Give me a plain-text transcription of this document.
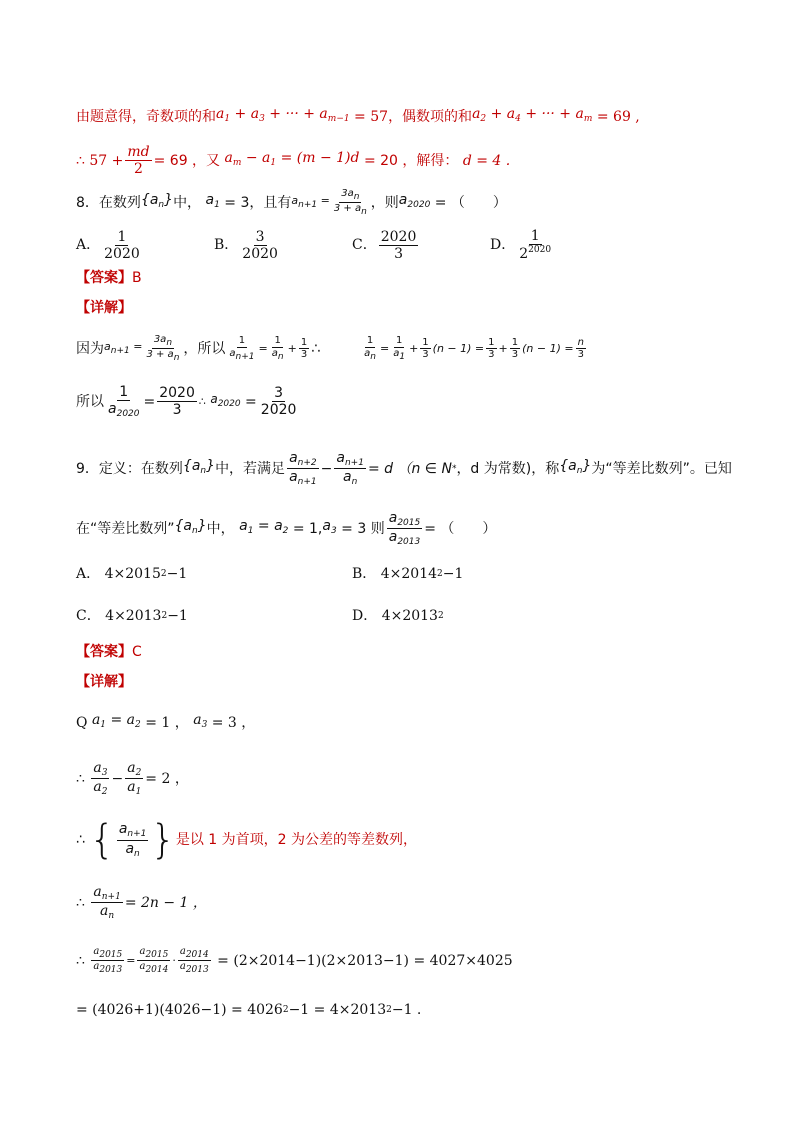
由题意得，奇数项的和 $a_1 + a_3$ + ··· + $a_{m-1} = 57$ ，偶数项的和 $a_2 + a_4$ + ··· + $a_m = 69$ ,
∴ $57 + \frac{md}{2} = 69$ ，又
$a_m - a_1 = (m - 1)d$
= 20 ，解得：
d = 4 .
8．在数列 $\{a_n\}$ 中，
$a_1$
= 3 ，且有 $a_{n+1} = \frac{3a_n}{3 + a_n}$ ，则 $a_{2020}$
= （　　）
A． $\frac{1}{2020}$	B． $\frac{3}{2020}$	C． $\frac{2020}{3}$	D． $\frac{1}{2^{2020}}$
【答案】 B
【详解】
因为 $a_{n+1} = \frac{3a_n}{3 + a_n}$ ，所以 $\frac{1}{a_{n+1}} = \frac{1}{a_n} + \frac{1}{3}$ ∴	$\frac{1}{a_n} = \frac{1}{a_1} + \frac{1}{3} (n - 1) = \frac{1}{3} + \frac{1}{3} (n - 1) = \frac{n}{3}$
所以 $\frac{1}{a_{2020}} = \frac{2020}{3}$ ∴
$a_{2020} = \frac{3}{2020}$
9．定义：在数列 $\{a_n\}$ 中，若满足 $\frac{a_{n+2}}{a_{n+1}} - \frac{a_{n+1}}{a_n} = d$ （ n ∈ N * ，d 为常数)，称 $\{a_n\}$ 为“等差比数列”。已知
在“等差比数列” $\{a_n\}$ 中，
$a_1 = a_2$
= 1, $a_3$
= 3 则 $\frac{a_{2015}}{a_{2013}}$ = （　　）
A．
4×2015 2 −1	B．
4×2014 2 −1
C．
4×2013 2 −1	D．
4×2013 2
【答案】 C
【详解】
Q
$a_1 = a_2$
= 1 ，
$a_3$
= 3 ，
∴
$\frac{a_3}{a_2} - \frac{a_2}{a_1} = 2$ ，
∴
{ $\frac{a_{n+1}}{a_n}$ } 是以 1 为首项，2 为公差的等差数列，
∴
$\frac{a_{n+1}}{a_n} = 2n - 1$ ，
∴
$\frac{a_{2015}}{a_{2013}} = \frac{a_{2015}}{a_{2014}} \cdot \frac{a_{2014}}{a_{2013}}$
= (2×2014−1)(2×2013−1) = 4027×4025
= (4026+1)(4026−1) = 4026 2 −1 = 4×2013 2 −1 .
